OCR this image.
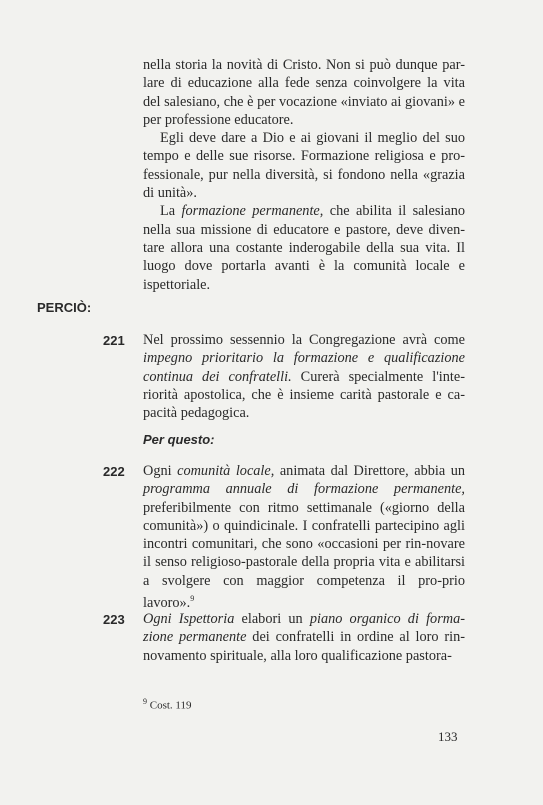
nella storia la novità di Cristo. Non si può dunque par-lare di educazione alla fede senza coinvolgere la vita del salesiano, che è per vocazione «inviato ai giovani» e per professione educatore.

Egli deve dare a Dio e ai giovani il meglio del suo tempo e delle sue risorse. Formazione religiosa e pro-fessionale, pur nella diversità, si fondono nella «grazia di unità».

La formazione permanente, che abilita il salesiano nella sua missione di educatore e pastore, deve diven-tare allora una costante inderogabile della sua vita. Il luogo dove portarla avanti è la comunità locale e ispettoriale.

PERCIÒ:
221 Nel prossimo sessennio la Congregazione avrà come impegno prioritario la formazione e qualificazione continua dei confratelli. Curerà specialmente l'inte-riorità apostolica, che è insieme carità pastorale e ca-pacità pedagogica.

Per questo:
222 Ogni comunità locale, animata dal Direttore, abbia un programma annuale di formazione permanente, preferibilmente con ritmo settimanale («giorno della comunità») o quindicinale. I confratelli partecipino agli incontri comunitari, che sono «occasioni per rin-novare il senso religioso-pastorale della propria vita e abilitarsi a svolgere con maggior competenza il pro-prio lavoro».$^9$

223 Ogni Ispettoria elabori un piano organico di forma-zione permanente dei confratelli in ordine al loro rin-novamento spirituale, alla loro qualificazione pastora-

$^9$ Cost. 119
133
